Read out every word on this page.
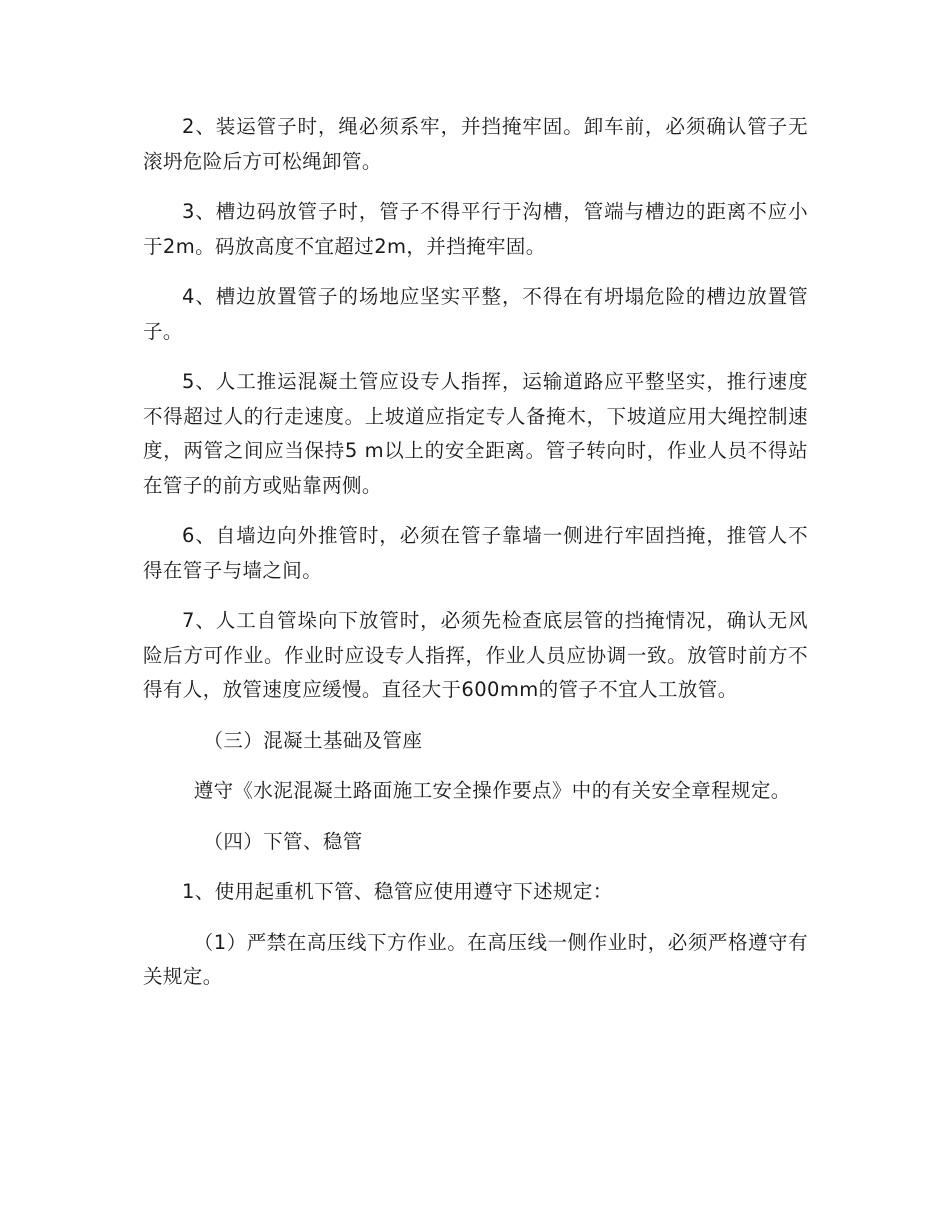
2、装运管子时，绳必须系牢，并挡掩牢固。卸车前，必须确认管子无滚坍危险后方可松绳卸管。

3、槽边码放管子时，管子不得平行于沟槽，管端与槽边的距离不应小于2m。码放高度不宜超过2m，并挡掩牢固。

4、槽边放置管子的场地应坚实平整，不得在有坍塌危险的槽边放置管子。

5、人工推运混凝土管应设专人指挥，运输道路应平整坚实，推行速度不得超过人的行走速度。上坡道应指定专人备掩木，下坡道应用大绳控制速度，两管之间应当保持5 m以上的安全距离。管子转向时，作业人员不得站在管子的前方或贴靠两侧。

6、自墙边向外推管时，必须在管子靠墙一侧进行牢固挡掩，推管人不得在管子与墙之间。

7、人工自管垛向下放管时，必须先检查底层管的挡掩情况，确认无风险后方可作业。作业时应设专人指挥，作业人员应协调一致。放管时前方不得有人，放管速度应缓慢。直径大于600mm的管子不宜人工放管。

（三）混凝土基础及管座

遵守《水泥混凝土路面施工安全操作要点》中的有关安全章程规定。

（四）下管、稳管

1、使用起重机下管、稳管应使用遵守下述规定：

（1）严禁在高压线下方作业。在高压线一侧作业时，必须严格遵守有关规定。
